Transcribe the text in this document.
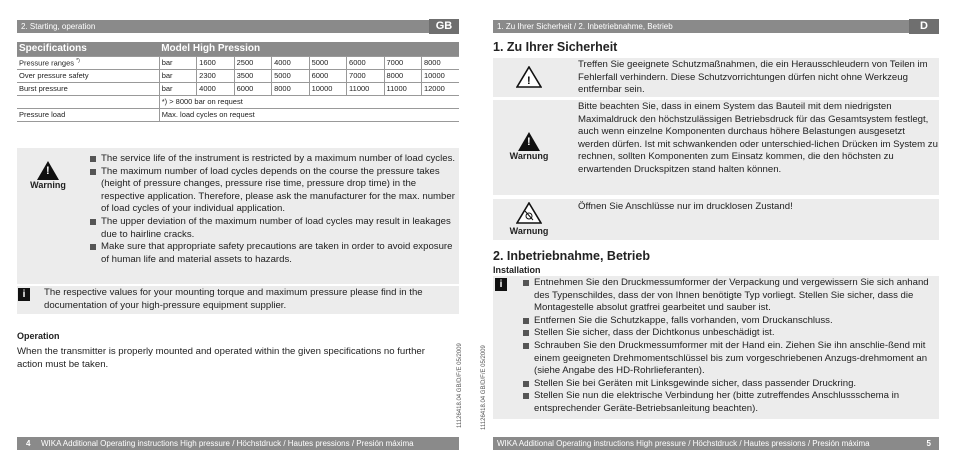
2. Starting, operation	GB
Specifications	Model High Pression							
Pressure ranges *)	bar	1600	2500	4000	5000	6000	7000	8000
Over pressure safety	bar	2300	3500	5000	6000	7000	8000	10000
Burst pressure	bar	4000	6000	8000	10000	11000	11000	12000
	*) > 8000 bar on request							
Pressure load	Max. load cycles on request							
!
Warning
The service life of the instrument is restricted by a maximum number of load cycles.
The maximum number of load cycles depends on the course the pressure takes (height of pressure changes, pressure rise time, pressure drop time) in the respective application. Therefore, please ask the manufacturer for the max. number of load cycles of your individual application.
The upper deviation of the maximum number of load cycles may result in leakages due to hairline cracks.
Make sure that appropriate safety precautions are taken in order to avoid exposure of human life and material assets to hazards.
i	The respective values for your mounting torque and maximum pressure please find in the documentation of your high-pressure equipment supplier.
Operation
When the transmitter is properly mounted and operated within the given specifications no further action must be taken.	11126418.04 GB/D/F/E 05/2009
4 WIKA Additional Operating instructions High pressure / Höchstdruck / Hautes pressions / Presión máxima
11126418.04 GB/D/F/E 05/2009
1. Zu Ihrer Sicherheit / 2. Inbetriebnahme, Betrieb	D
1. Zu Ihrer Sicherheit
!
Treffen Sie geeignete Schutzmaßnahmen, die ein Herausschleudern von Teilen im Fehlerfall verhindern. Diese Schutzvorrichtungen dürfen nicht ohne Werkzeug entfernbar sein.
!
Warnung
Bitte beachten Sie, dass in einem System das Bauteil mit dem niedrigsten Maximaldruck den höchstzulässigen Betriebsdruck für das Gesamtsystem festlegt, auch wenn einzelne Komponenten durchaus höhere Belastungen ausgesetzt werden dürfen. Ist mit schwankenden oder unterschied-lichen Drücken im System zu rechnen, sollten Komponenten zum Einsatz kommen, die den höchsten zu erwartenden Druckspitzen stand halten können.
Warnung
Öffnen Sie Anschlüsse nur im drucklosen Zustand!
2. Inbetriebnahme, Betrieb
Installation
i	Entnehmen Sie den Druckmessumformer der Verpackung und vergewissern Sie sich anhand des Typenschildes, dass der von Ihnen benötigte Typ vorliegt. Stellen Sie sicher, dass die Montagestelle absolut gratfrei gearbeitet und sauber ist.
Entfernen Sie die Schutzkappe, falls vorhanden, vom Druckanschluss.
Stellen Sie sicher, dass der Dichtkonus unbeschädigt ist.
Schrauben Sie den Druckmessumformer mit der Hand ein. Ziehen Sie ihn anschlie-ßend mit einem geeigneten Drehmomentschlüssel bis zum vorgeschriebenen Anzugs-drehmoment an (siehe Angabe des HD-Rohrlieferanten).
Stellen Sie bei Geräten mit Linksgewinde sicher, dass passender Druckring.
Stellen Sie nun die elektrische Verbindung her (bitte zutreffendes Anschlussschema in entsprechender Geräte-Betriebsanleitung beachten).
WIKA Additional Operating instructions High pressure / Höchstdruck / Hautes pressions / Presión máxima	5
